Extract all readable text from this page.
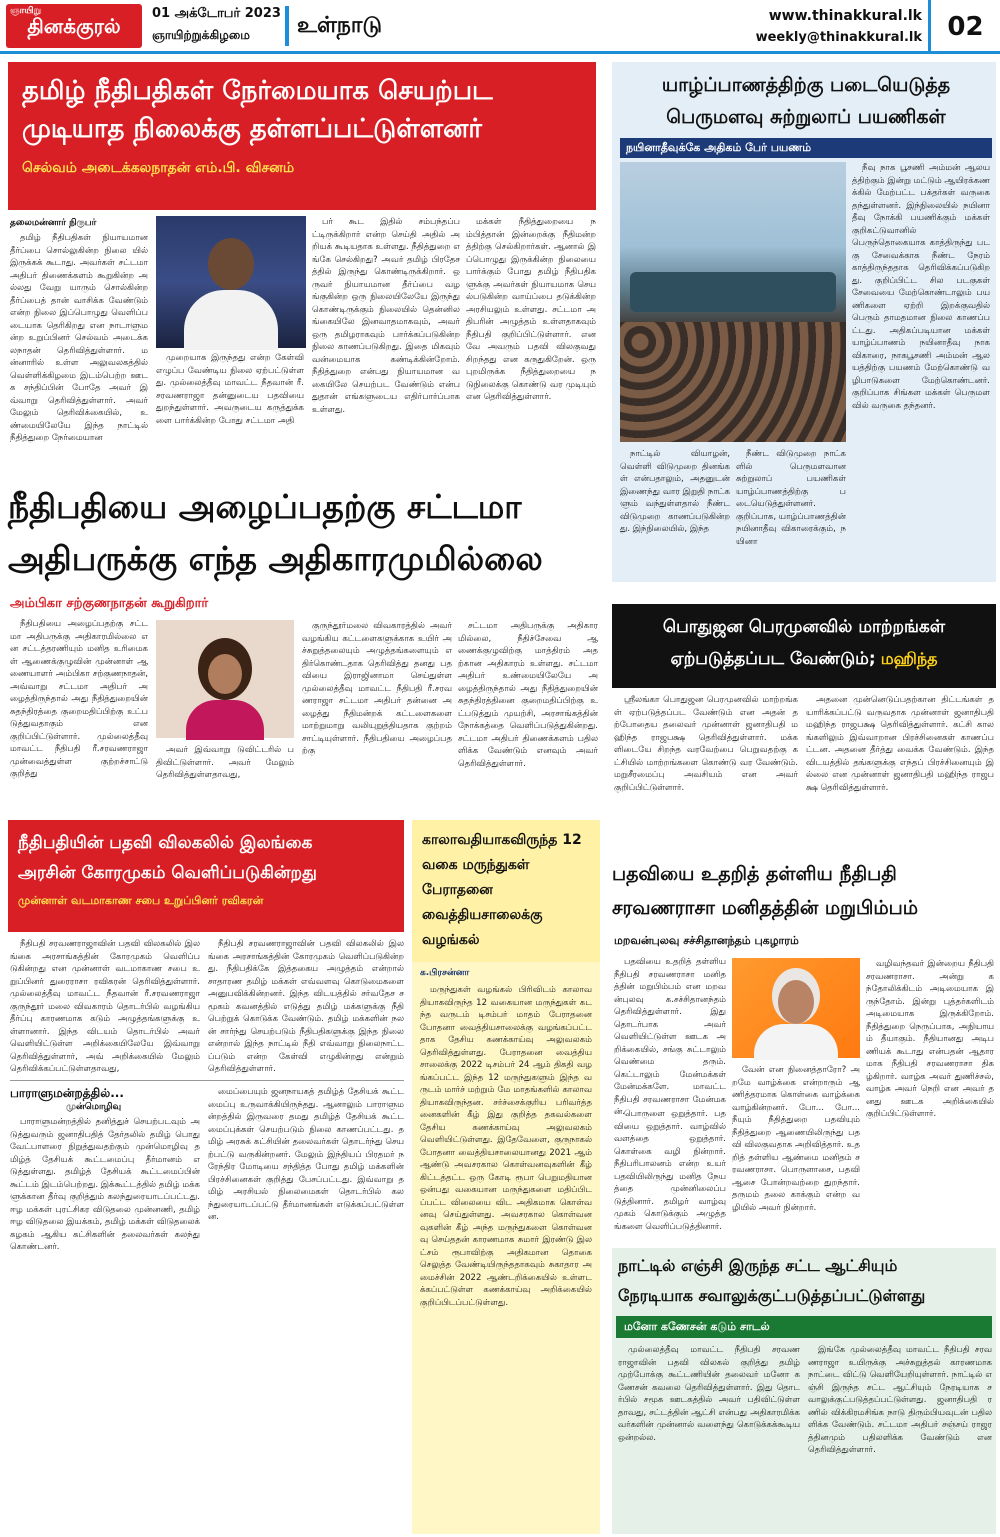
ஞாயிறு
தினக்குரல்
01 அக்டோபர் 2023
ஞாயிற்றுக்கிழமை	உள்நாடு	www.thinakkural.lk
weekly@thinakkural.lk 02
தமிழ் நீதிபதிகள் நேர்மையாக செயற்பட
முடியாத நிலைக்கு தள்ளப்பட்டுள்ளனர்
செல்வம் அடைக்கலநாதன் எம்.பி. விசனம்
தலைமன்னார் நிருபர்

தமிழ் நீதிபதிகள் நியாயமான தீர்ப்பை சொல்லுகின்ற நிலை யில் இருக்கக் கூடாது. அவர்கள் சட்டமா அதிபர் திணைக்களம் கூறுகின்ற அல்லது வேறு யாரும் சொல்கின்ற தீர்ப்பைத் தான் வாசிக்க வேண்டும் என்ற நிலை இப்பொழுது வெளிப்படையாக தெரிகிறது என நாடாளுமன்ற உறுப்பினர் செல்வம் அடைக்கலநாதன் தெரிவித்துள்ளார். மன்னாரில் உள்ள அலுவலகத்தில் வெள்ளிக்கிழமை இடம்பெற்ற ஊடக சந்திப்பின் போதே அவர் இவ்வாறு தெரிவித்துள்ளார். அவர் மேலும் தெரிவிக்கையில், உண்மையிலேயே இந்த நாட்டில் நீதித்துறை நேர்மையான

முறையாக இருந்தது என்ற கேள்வி எழுப்ப வேண்டிய நிலை ஏற்பட்டுள்ளது. முல்லைத்தீவு மாவட்ட நீதவான் ரீ.சரவணராஜா தன்னுடைய பதவியை துறந்துள்ளார். அவருடைய கருத்துக்களை பார்க்கின்ற போது சட்டமா அதி

பர் கூட இதில் சம்பந்தப்பட்டிருக்கிறார் என்ற செய்தி அதில் அறியக் கூடியதாக உள்ளது. நீதித்துறை எங்கே செல்கிறது? அவர் தமிழ் பிரதேசத்தில் இருந்து கொண்டிருக்கிறார். ஒருவர் நியாயமான தீர்ப்பை வழங்குகின்ற ஒரு நிலையிலேயே இருந்து கொண்டிருக்கும் நிலையில் தென்னிலங்கையிலே இனவாதமாகவும், அவர் ஒரு தமிழராகவும் பார்க்கப்படுகின்ற நிலை காணப்படுகிறது. இதை மிகவும் வன்மையாக கண்டிக்கின்றோம். நீதித்துறை என்பது நியாயமான வகையிலே செயற்பட வேண்டும் என்பதுதான் எங்களுடைய எதிர்பார்ப்பாக உள்ளது.

மக்கள் நீதித்துறையை நம்பித்தான் இன்றைக்கு நீதிமன்றத்திற்கு செல்கிறார்கள். ஆனால் இப்பொழுது இருக்கின்ற நிலையை பார்க்கும் போது தமிழ் நீதிபதிகளுக்கு அவர்கள் நியாயமாக செயல்படுகின்ற வாய்ப்பை தடுக்கின்ற அரசியலும் உள்ளது. சட்டமா அதிபரின் அழுத்தம் உள்ளதாகவும் நீதிபதி குறிப்பிட்டுள்ளார். எனவே அவரும் பதவி விலகுவது சிறந்தது என கருதுகிறேன். ஒரு புறமிருக்க நீதித்துறையை நடுநிலைக்கு கொண்டு வர முடியும் என தெரிவித்துள்ளார்.

யாழ்ப்பாணத்திற்கு படையெடுத்த
பெருமளவு சுற்றுலாப் பயணிகள்
நயினாதீவுக்கே அதிகம் பேர் பயணம்

நீவு நாக பூசணி அம்மன் ஆலயத்திற்கும் இன்று மட்டும் ஆயிரக்கணக்கில் மேற்பட்ட பக்தர்கள் வருகை தந்துள்ளனர். இந்நிலையில் நயினா தீவு நோக்கி பயணிக்கும் மக்கள் குறிகட்டுவானில் பெருந்தொகையாக காத்திருந்து படகு சேவைக்காக நீண்ட நேரம் காத்திருந்ததாக தெரிவிக்கப்படுகிறது. குறிப்பிட்ட சில படகுகள் சேவையை மேற்கொண்டாலும் பயணிகளை ஏற்றி இறக்குவதில் பெரும் தாமதமான நிலை காணப்பட்டது. அதிகப்படியான மக்கள் யாழ்ப்பாணம் நயினாதீவு நாகவிகாரை, நாகபூசணி அம்மன் ஆலயத்திற்கு பயணம் மேற்கொண்டு வழிபாடுகளை மேற்கொண்டனர். குறிப்பாக சிங்கள மக்கள் பெருமளவில் வருகை தந்தனர்.

நாட்டில் வியாழன், வெள்ளி விடுமுறை தினங்கள் என்பதாலும், அதனுடன் இணைந்து வார இறுதி நாட்களும் வந்துள்ளதால் நீண்ட விடுமுறை காணப்படுகின்றது. இந்நிலையில், இந்த

நீண்ட விடுமுறை நாட்களில் பெருமளவான சுற்றுலாப் பயணிகள் யாழ்ப்பாணத்திற்கு படையெடுத்துள்ளனர். குறிப்பாக, யாழ்ப்பாணத்தின் நயினாதீவு விகாரைக்கும், நயினா

நீதிபதியை அழைப்பதற்கு சட்டமா
அதிபருக்கு எந்த அதிகாரமுமில்லை
அம்பிகா சற்குணநாதன் கூறுகிறார்

நீதிபதியை அழைப்பதற்கு சட்டமா அதிபருக்கு அதிகாரமில்லை என சட்டத்தரணியும் மனித உரிமைகள் ஆணைக்குழுவின் முன்னாள் ஆணையாளர் அம்பிகா சற்குணநாதன், அவ்வாறு சட்டமா அதிபர் அழைத்திருந்தால் அது நீதித்துறையின் சுதந்திரத்தை குறைமதிப்பிற்கு உட்படுத்துவதாகும் என குறிப்பிட்டுள்ளார். முல்லைத்தீவு மாவட்ட நீதிபதி ரீ.சரவணராஜா முன்வைத்துள்ள குற்றச்சாட்டு குறித்து

அவர் இவ்வாறு டுவிட்டரில் பதிவிட்டுள்ளார். அவர் மேலும் தெரிவித்துள்ளதாவது,

குருந்தூர்மலை விவகாரத்தில் அவர் வழங்கிய கட்டளைகளுக்காக உயிர் அச்சுறுத்தலையும் அழுத்தங்களையும் எதிர்கொண்டதாக தெரிவித்து தனது பதவியை இராஜினாமா செய்துள்ள முல்லைத்தீவு மாவட்ட நீதிபதி ரீ.சரவணராஜா சட்டமா அதிபர் தன்னை அழைத்து நீதிமன்றக் கட்டளைகளை மாற்றுமாறு வலியுறுத்தியதாக குற்றம் சாட்டியுள்ளார். நீதிபதியை அழைப்பதற்கு

சட்டமா அதிபருக்கு அதிகாரமில்லை, நீதிச்சேவை ஆணைக்குழுவிற்கு மாத்திரம் அதற்கான அதிகாரம் உள்ளது. சட்டமா அதிபர் உண்மையிலேயே அழைத்திருந்தால் அது நீதித்துறையின் சுதந்திரத்தினை குறைமதிப்பிற்கு உட்படுத்தும் முயற்சி, அரசாங்கத்தின் நோக்கத்தை வெளிப்படுத்துகின்றது. சட்டமா அதிபர் திணைக்களம் பதிலளிக்க வேண்டும் எனவும் அவர் தெரிவித்துள்ளார்.

பொதுஜன பெரமுனவில் மாற்றங்கள்
ஏற்படுத்தப்பட வேண்டும்; மஹிந்த

ஸ்ரீலங்கா பொதுஜன பெரமுனவில் மாற்றங்கள் ஏற்படுத்தப்பட வேண்டும் என அதன் தற்போதைய தலைவர் முன்னாள் ஜனாதிபதி மஹிந்த ராஜபக்ஷ தெரிவித்துள்ளார். மக்களிடையே சிறந்த வரவேற்பை பெறுவதற்கு கட்சியில் மாற்றங்களை கொண்டு வர வேண்டும். மறுசீரமைப்பு அவசியம் என அவர் குறிப்பிட்டுள்ளார்.

அதனை முன்னெடுப்பதற்கான திட்டங்கள் தயாரிக்கப்பட்டு வருவதாக முன்னாள் ஜனாதிபதி மஹிந்த ராஜபக்ஷ தெரிவித்துள்ளார். கட்சி காலங்களிலும் இவ்வாறான பிரச்சினைகள் காணப்பட்டன. அதனை தீர்த்து வைக்க வேண்டும். இந்த விடயத்தில் தங்களுக்கு எந்தப் பிரச்சினையும் இல்லை என முன்னாள் ஜனாதிபதி மஹிந்த ராஜபக்ஷ தெரிவித்துள்ளார்.

நீதிபதியின் பதவி விலகலில் இலங்கை
அரசின் கோரமுகம் வெளிப்படுகின்றது
முன்னாள் வடமாகாண சபை உறுப்பினர் ரவிகரன்

நீதிபதி சரவணராஜாவின் பதவி விலகலில் இலங்கை அரசாங்கத்தின் கோரமுகம் வெளிப்படுகின்றது என முன்னாள் வடமாகாண சபை உறுப்பினர் துரைராசா ரவிகரன் தெரிவித்துள்ளார். முல்லைத்தீவு மாவட்ட நீதவான் ரீ.சரவணராஜா குருந்தூர் மலை விவகாரம் தொடர்பில் வழங்கிய தீர்ப்பு காரணமாக கடும் அழுத்தங்களுக்கு உள்ளானார். இந்த விடயம் தொடர்பில் அவர் வெளியிட்டுள்ள அறிக்கையிலேயே இவ்வாறு தெரிவித்துள்ளார், அவ் அறிக்கையில் மேலும் தெரிவிக்கப்பட்டுள்ளதாவது,

நீதிபதி சரவணராஜாவின் பதவி விலகலில் இலங்கை அரசாங்கத்தின் கோரமுகம் வெளிப்படுகின்றது. நீதிபதிக்கே இத்தகைய அழுத்தம் என்றால் சாதாரண தமிழ் மக்கள் எவ்வளவு கொடுமைகளை அனுபவிக்கின்றனர். இந்த விடயத்தில் சர்வதேச சமூகம் கவனத்தில் எடுத்து தமிழ் மக்களுக்கு நீதி பெற்றுக் கொடுக்க வேண்டும். தமிழ் மக்களின் நலன் சார்ந்து செயற்படும் நீதிபதிகளுக்கு இந்த நிலை என்றால் இந்த நாட்டில் நீதி எவ்வாறு நிலைநாட்டப்படும் என்ற கேள்வி எழுகின்றது என்றும் தெரிவித்துள்ளார்.

பாராளுமன்றத்தில்...
முன்மொழிவு

பாராளுமன்றத்தில் தனித்துச் செயற்படவும் அடுத்துவரும் ஜனாதிபதித் தேர்தலில் தமிழ் பொது வேட்பாளரை நிறுத்துவதற்கும் முன்மொழிவு தமிழ்த் தேசியக் கூட்டமைப்பு தீர்மானம் எடுத்துள்ளது. தமிழ்த் தேசியக் கூட்டமைப்பின் கூட்டம் இடம்பெற்றது. இக்கூட்டத்தில் தமிழ் மக்களுக்கான தீர்வு குறித்தும் கலந்துரையாடப்பட்டது. ஈழ மக்கள் புரட்சிகர விடுதலை முன்னணி, தமிழ் ஈழ விடுதலை இயக்கம், தமிழ் மக்கள் விடுதலைக் கழகம் ஆகிய கட்சிகளின் தலைவர்கள் கலந்து கொண்டனர்.

மைப்பையும் ஜனநாயகத் தமிழ்த் தேசியக் கூட்டமைப்பு உருவாக்கியிருந்தது. ஆனாலும் பாராளுமன்றத்தில் இருவரை தமது தமிழ்த் தேசியக் கூட்டமைப்புக்கள் செயற்படும் நிலை காணப்பட்டது. தமிழ் அரசுக் கட்சியின் தலைவர்கள் தொடர்ந்து செயற்பட்டு வருகின்றனர். மேலும் இந்தியப் பிரதமர் நரேந்திர மோடியை சந்தித்த போது தமிழ் மக்களின் பிரச்சினைகள் குறித்து பேசப்பட்டது. இவ்வாறு தமிழ் அரசியல் நிலைமைகள் தொடர்பில் கலந்துரையாடப்பட்டு தீர்மானங்கள் எடுக்கப்பட்டுள்ளன.

காலாவதியாகவிருந்த 12 வகை மருந்துகள் பேராதனை வைத்தியசாலைக்கு வழங்கல்
க.பிரசன்னா

மருந்துகள் வழங்கல் பிரிவிடம் காலாவதியாகவிருந்த 12 வகையான மருந்துகள் கடந்த வருடம் டிசம்பர் மாதம் பேராதனை போதனா வைத்தியசாலைக்கு வழங்கப்பட்டதாக தேசிய கணக்காய்வு அலுவலகம் தெரிவித்துள்ளது. பேராதனை வைத்தியசாலைக்கு 2022 டிசம்பர் 24 ஆம் திகதி வழங்கப்பட்ட இந்த 12 மருந்துகளும் இந்த வருடம் மார்ச் மற்றும் மே மாதங்களில் காலாவதியாகவிருந்தன. சர்ச்சைக்குரிய பரிவர்த்தனைகளின் கீழ் இது குறித்த தகவல்களை தேசிய கணக்காய்வு அலுவலகம் வெளியிட்டுள்ளது. இதேவேளை, குருநாகல் போதனா வைத்தியசாலையானது 2021 ஆம் ஆண்டு அவசரகால கொள்வனவுகளின் கீழ் கிட்டத்தட்ட ஒரு கோடி ரூபா பெறுமதியான ஒன்பது வகையான மருந்துகளை மதிப்பிடப்பட்ட விலையை விட அதிகமாக கொள்வனவு செய்துள்ளது. அவசரகால கொள்வனவுகளின் கீழ் அந்த மருந்துகளை கொள்வனவு செய்ததன் காரணமாக சுமார் இரண்டு இலட்சம் ரூபாவிற்கு அதிகமான தொகை செலுத்த வேண்டியிருந்ததாகவும் சுகாதார அமைச்சின் 2022 ஆண்டறிக்கையில் உள்ளடக்கப்பட்டுள்ள கணக்காய்வு அறிக்கையில் குறிப்பிடப்பட்டுள்ளது.

பதவியை உதறித் தள்ளிய நீதிபதி
சரவணராசா மனிதத்தின் மறுபிம்பம்
மறவன்புலவு சச்சிதானந்தம் புகழாரம்

பதவியை உதறித் தள்ளிய நீதிபதி சரவணராசா மனிதத்தின் மறுபிம்பம் என மறவன்புலவு க.சச்சிதானந்தம் தெரிவித்துள்ளார். இது தொடர்பாக அவர் வெளியிட்டுள்ள ஊடக அறிக்கையில், சங்கு சுட்டாலும் வெண்மை தரும். கெட்டாலும் மேன்மக்கள் மேன்மக்களே. மாவட்ட நீதிபதி சரவணராசா மேன்மகன். பொருளை ஒறுத்தார். பதவியை ஒறுத்தார். வாழ்வில் வளத்தை ஒறுத்தார். கொள்கை வழி நின்றார். நீதிபரிபாலனம் என்ற உயர் பதவியிலிருந்து மனித நேயத்தை முன்னிலைப்படுத்தினார். தமிழர் வாழ்வு முகம் கொடுக்கும் அழுத்தங்களை வெளிப்படுத்தினார்.

வேன் என நினைத்தாரோ? அறமே வாழ்க்கை என்றாரும் ஆணித்தரமாக கொள்கை வாழ்க்கை வாழ்கின்றனர். போ... போ... நீயும் நீதித்துறை பதவியும் நீதித்துறை ஆணையிலிருந்து பதவி விலகுவதாக அறிவித்தார். உதறித் தள்ளிய ஆண்மை மனிதம் சரவணராசா. பொருளாசை, பதவி ஆசை போன்றவற்றை துறந்தார். தருமம் தலை காக்கும் என்ற வழியில் அவர் நின்றார்.

வழிவந்தவர் இன்றைய நீதிபதி சரவணராசா. அன்று கந்தோலிக்கிடம் அடிமையாக இருந்தோம். இன்று புத்தர்களிடம் அடிமையாக இருக்கிறோம். நீதித்துறை நெருப்பாக, அநியாயம் தீயாகும். நீதியானது அடிபணியக் கூடாது என்பதன் ஆதாரமாக நீதிபதி சரவணராசா திகழ்கிறார். வாழ்க அவர் துணிச்சல், வாழ்க அவர் நெறி என அவர் தனது ஊடக அறிக்கையில் குறிப்பிட்டுள்ளார்.

நாட்டில் எஞ்சி இருந்த சட்ட ஆட்சியும்
நேரடியாக சவாலுக்குட்படுத்தப்பட்டுள்ளது
மனோ கணேசன் கடும் சாடல்

முல்லைத்தீவு மாவட்ட நீதிபதி சரவணராஜாவின் பதவி விலகல் குறித்து தமிழ் முற்போக்கு கூட்டணியின் தலைவர் மனோ கணேசன் கவலை தெரிவித்துள்ளார். இது தொடர்பில் சமூக ஊடகத்தில் அவர் பதிவிட்டுள்ளதாவது, சட்டத்தின் ஆட்சி என்பது அதிகாரமிக்கவர்களின் முன்னால் வளைந்து கொடுக்கக்கூடிய ஒன்றல்ல.

இங்கே முல்லைத்தீவு மாவட்ட நீதிபதி சரவணராஜா உயிருக்கு அச்சுறுத்தல் காரணமாக நாட்டை விட்டு வெளியேறியுள்ளார். நாட்டில் எஞ்சி இருந்த சட்ட ஆட்சியும் நேரடியாக சவாலுக்குட்படுத்தப்பட்டுள்ளது. ஜனாதிபதி ரணில் விக்கிரமசிங்க நாடு திரும்பியவுடன் பதிலளிக்க வேண்டும். சட்டமா அதிபர் சஞ்சய் ராஜரத்தினமும் பதிலளிக்க வேண்டும் என தெரிவித்துள்ளார்.
